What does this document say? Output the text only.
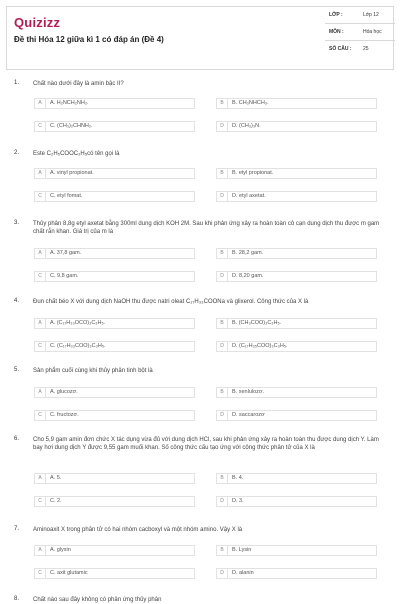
Quizizz
Đề thi Hóa 12 giữa kì 1 có đáp án (Đề 4)
LỚP :	Lớp 12
MÔN :	Hóa học
SỐ CÂU : 25
1. Chất nào dưới đây là amin bậc II?
A	A. H₂NCH₂NH₂.	B	B. CH₃NHCH₃.
C	C. (CH₃)₂CHNH₂.	D	D. (CH₃)₃N.
2. Este C₂H₅COOC₂H₅có tên gọi là
A	A. vinyl propionat.	B	B. etyl propionat.
C	C. etyl fomat.	D	D. etyl axetat.
3. Thủy phân 8,8g etyl axetat bằng 300ml dung dịch KOH 2M. Sau khi phản ứng xảy ra hoàn toàn cô cạn dung dịch thu được m gam chất rắn khan. Giá trị của m là
A	A. 37,8 gam.	B	B. 28,2 gam.
C	C. 9,8 gam.	D	D. 8,20 gam.
4. Đun chất béo X với dung dịch NaOH thu được natri oleat C₁₇H₃₃COONa và glixerol. Công thức của X là
A	A. (C₁₇H₃₃OCO)₃C₃H₅.	B	B. (CH₃COO)₃C₃H₅.
C	C. (C₁₇H₃₃COO)₃C₃H₅.	D	D. (C₁₇H₃₅COO)₃C₃H₅.
5. Sản phẩm cuối cùng khi thủy phân tinh bột là
A	A. glucozơ.	B	B. xenlulozơ.
C	C. fructozơ.	D	D. saccarozơ
6. Cho 5,9 gam amin đơn chức X tác dụng vừa đủ với dung dịch HCl, sau khi phản ứng xảy ra hoàn toàn thu được dung dịch Y. Làm bay hơi dung dịch Y được 9,55 gam muối khan. Số công thức cấu tạo ứng với công thức phân tử của X là
A	A. 5.	B	B. 4.
C	C. 2.	D	D. 3.
7. Aminoaxit X trong phân tử có hai nhóm cacboxyl và một nhóm amino. Vậy X là
A	A. glyxin	B	B. Lysin
C	C. axit glutamic	D	D. alanin
8. Chất nào sau đây không có phản ứng thủy phân
